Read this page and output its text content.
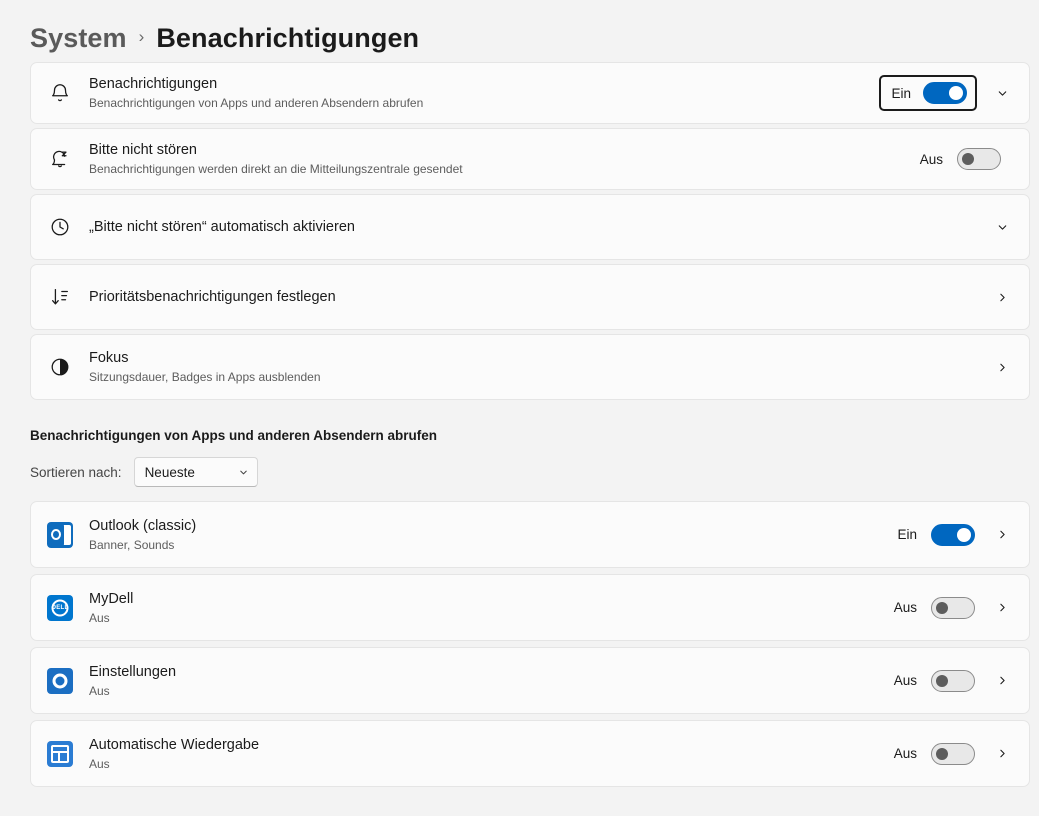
System › Benachrichtigungen
Benachrichtigungen
Benachrichtigungen von Apps und anderen Absendern abrufen
Ein
Bitte nicht stören
Benachrichtigungen werden direkt an die Mitteilungszentrale gesendet
Aus
„Bitte nicht stören“ automatisch aktivieren
Prioritätsbenachrichtigungen festlegen
Fokus
Sitzungsdauer, Badges in Apps ausblenden
Benachrichtigungen von Apps und anderen Absendern abrufen
Sortieren nach: Neueste
Outlook (classic)
Banner, Sounds
Ein
DELL
MyDell
Aus
Aus
Einstellungen
Aus
Aus
Automatische Wiedergabe
Aus
Aus
